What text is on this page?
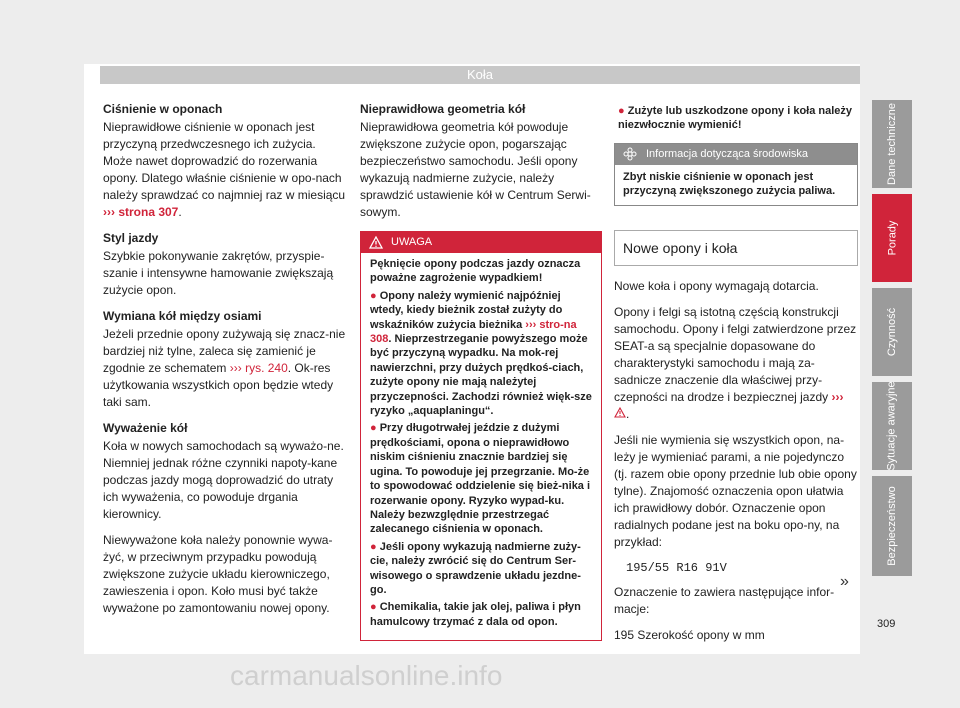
Koła
Ciśnienie w oponach

Nieprawidłowe ciśnienie w oponach jest przyczyną przedwczesnego ich zużycia. Może nawet doprowadzić do rozerwania opony. Dlatego właśnie ciśnienie w opo-nach należy sprawdzać co najmniej raz w miesiącu ››› strona 307.

Styl jazdy

Szybkie pokonywanie zakrętów, przyspie-szanie i intensywne hamowanie zwiększają zużycie opon.

Wymiana kół między osiami

Jeżeli przednie opony zużywają się znacz-nie bardziej niż tylne, zaleca się zamienić je zgodnie ze schematem ››› rys. 240. Ok-res użytkowania wszystkich opon będzie wtedy taki sam.

Wyważenie kół

Koła w nowych samochodach są wyważo-ne. Niemniej jednak różne czynniki napoty-kane podczas jazdy mogą doprowadzić do utraty ich wyważenia, co powoduje drgania kierownicy.

Niewyważone koła należy ponownie wywa-żyć, w przeciwnym przypadku powodują zwiększone zużycie układu kierowniczego, zawieszenia i opon. Koło musi być także wyważone po zamontowaniu nowej opony.

Nieprawidłowa geometria kół

Nieprawidłowa geometria kół powoduje zwiększone zużycie opon, pogarszając bezpieczeństwo samochodu. Jeśli opony wykazują nadmierne zużycie, należy sprawdzić ustawienie kół w Centrum Serwi-sowym.

UWAGA

Pęknięcie opony podczas jazdy oznacza poważne zagrożenie wypadkiem!

● Opony należy wymienić najpóźniej wtedy, kiedy bieżnik został zużyty do wskaźników zużycia bieżnika ››› stro-na 308. Nieprzestrzeganie powyższego może być przyczyną wypadku. Na mok-rej nawierzchni, przy dużych prędkoś-ciach, zużyte opony nie mają należytej przyczepności. Zachodzi również więk-sze ryzyko „aquaplaningu“.

● Przy długotrwałej jeździe z dużymi prędkościami, opona o nieprawidłowo niskim ciśnieniu znacznie bardziej się ugina. To powoduje jej przegrzanie. Mo-że to spowodować oddzielenie się bież-nika i rozerwanie opony. Ryzyko wypad-ku. Należy bezwzględnie przestrzegać zalecanego ciśnienia w oponach.

● Jeśli opony wykazują nadmierne zuży-cie, należy zwrócić się do Centrum Ser-wisowego o sprawdzenie układu jezdne-go.

● Chemikalia, takie jak olej, paliwa i płyn hamulcowy trzymać z dala od opon.

● Zużyte lub uszkodzone opony i koła należy niezwłocznie wymienić!
Informacja dotycząca środowiska
Zbyt niskie ciśnienie w oponach jest przyczyną zwiększonego zużycia paliwa.
Nowe opony i koła

Nowe koła i opony wymagają dotarcia.

Opony i felgi są istotną częścią konstrukcji samochodu. Opony i felgi zatwierdzone przez SEAT-a są specjalnie dopasowane do charakterystyki samochodu i mają za-sadnicze znaczenie dla właściwej przy-czepności na drodze i bezpiecznej jazdy ››› .

Jeśli nie wymienia się wszystkich opon, na-leży je wymieniać parami, a nie pojedynczo (tj. razem obie opony przednie lub obie opony tylne). Znajomość oznaczenia opon ułatwia ich prawidłowy dobór. Oznaczenie opon radialnych podane jest na boku opo-ny, na przykład:

195/55 R16 91V

Oznaczenie to zawiera następujące infor-macje:

195 Szerokość opony w mm

»
Dane techniczne
Porady
Czynność
Sytuacje awaryjne
Bezpieczeństwo
309
carmanualsonline.info
